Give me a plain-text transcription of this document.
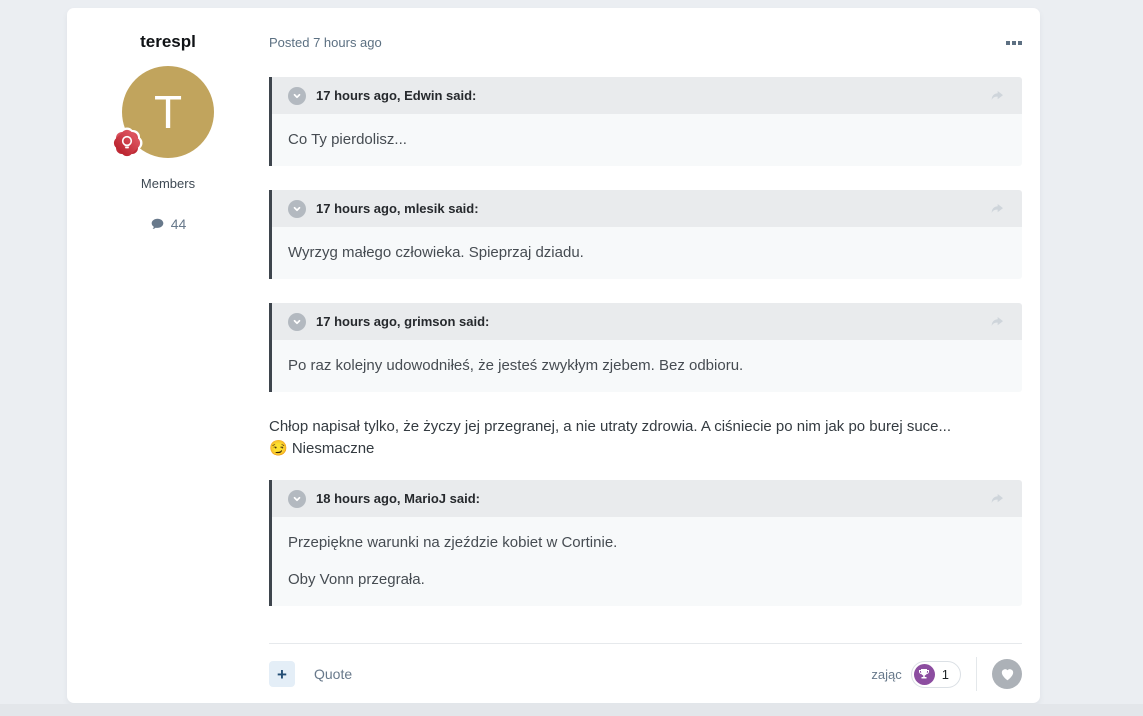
terespl
T
Members
44
Posted 7 hours ago
17 hours ago, Edwin said:

Co Ty pierdolisz...

17 hours ago, mlesik said:

Wyrzyg małego człowieka. Spieprzaj dziadu.

17 hours ago, grimson said:

Po raz kolejny udowodniłeś, że jesteś zwykłym zjebem. Bez odbioru.

Chłop napisał tylko, że życzy jej przegranej, a nie utraty zdrowia. A ciśniecie po nim jak po burej suce... 😏 Niesmaczne

18 hours ago, MarioJ said:

Przepiękne warunki na zjeździe kobiet w Cortinie.

Oby Vonn przegrała.

+ Quote	zając	1
